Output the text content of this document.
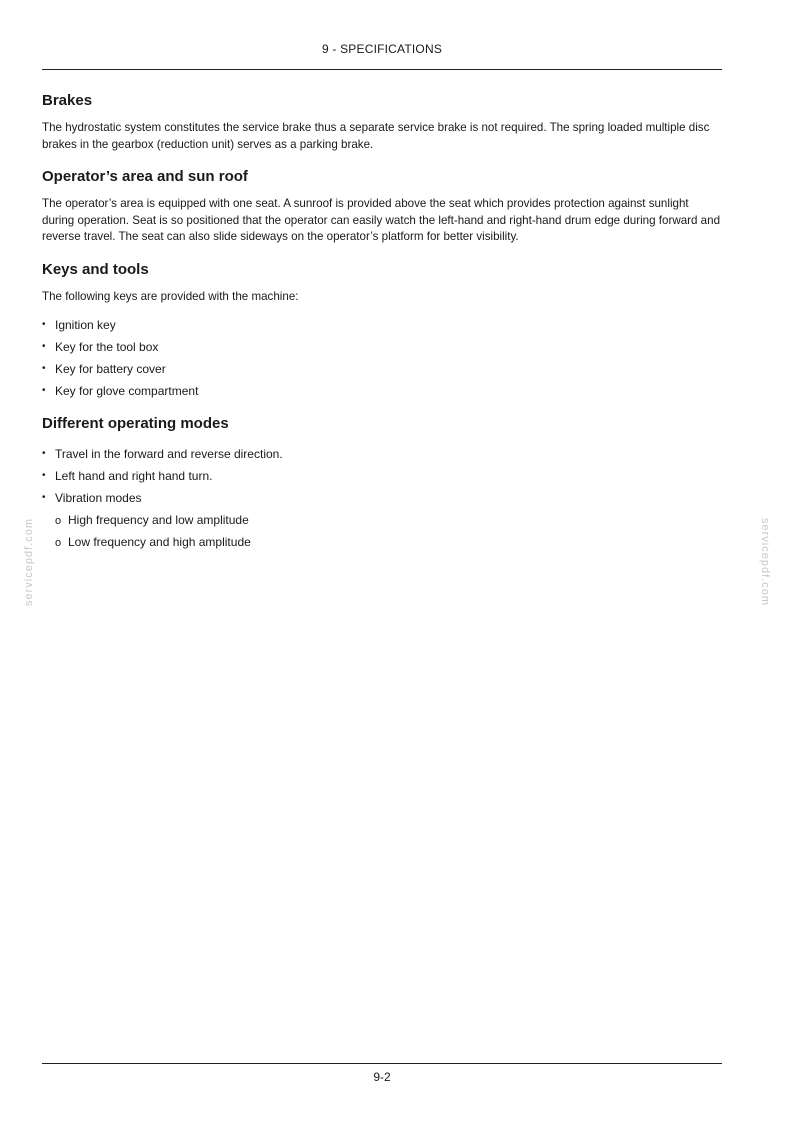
9 - SPECIFICATIONS
Brakes

The hydrostatic system constitutes the service brake thus a separate service brake is not required. The spring loaded multiple disc brakes in the gearbox (reduction unit) serves as a parking brake.

Operator’s area and sun roof

The operator’s area is equipped with one seat. A sunroof is provided above the seat which provides protection against sunlight during operation. Seat is so positioned that the operator can easily watch the left-hand and right-hand drum edge during forward and reverse travel. The seat can also slide sideways on the operator’s platform for better visibility.

Keys and tools

The following keys are provided with the machine:

• Ignition key
• Key for the tool box
• Key for battery cover
• Key for glove compartment
Different operating modes
• Travel in the forward and reverse direction.
• Left hand and right hand turn.
• Vibration modes
o High frequency and low amplitude
o Low frequency and high amplitude
servicepdf.com	servicepdf.com
9-2
